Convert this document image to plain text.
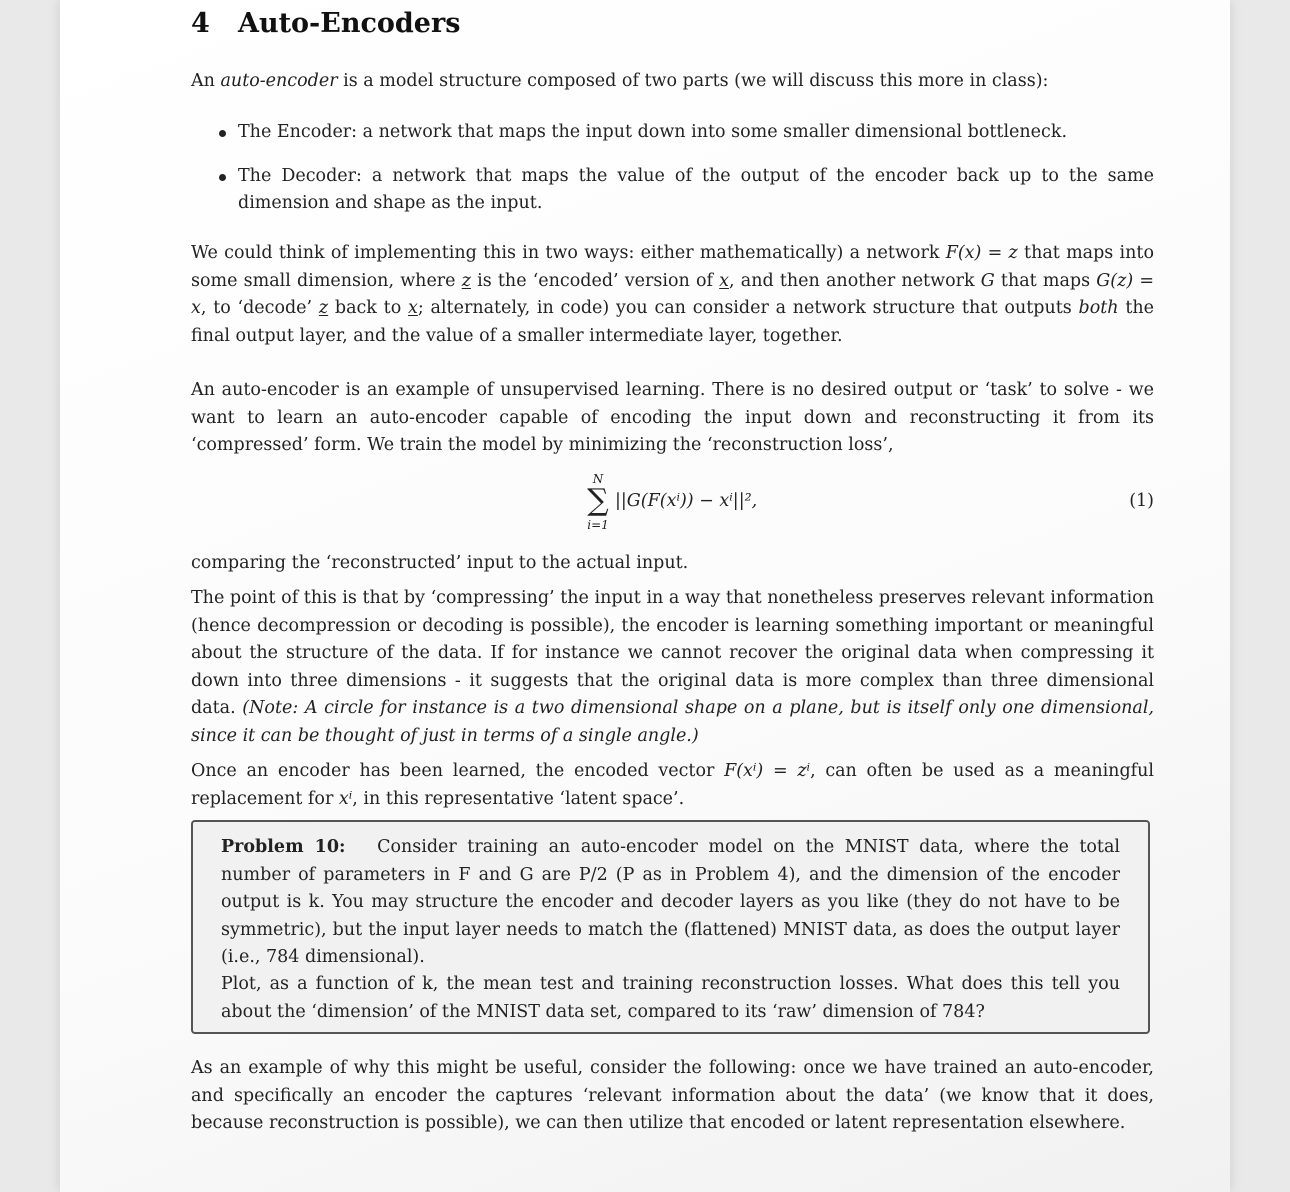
4 Auto-Encoders

An auto-encoder is a model structure composed of two parts (we will discuss this more in class):

The Encoder: a network that maps the input down into some smaller dimensional bottleneck.
The Decoder: a network that maps the value of the output of the encoder back up to the same dimension and shape as the input.

We could think of implementing this in two ways: either mathematically) a network F(x) = z that maps into some small dimension, where z is the ‘encoded’ version of x, and then another network G that maps G(z) = x, to ‘decode’ z back to x; alternately, in code) you can consider a network structure that outputs both the final output layer, and the value of a smaller intermediate layer, together.

An auto-encoder is an example of unsupervised learning. There is no desired output or ‘task’ to solve - we want to learn an auto-encoder capable of encoding the input down and reconstructing it from its ‘compressed’ form. We train the model by minimizing the ‘reconstruction loss’,

N
∑
i=1
||G(F(xⁱ)) − xⁱ||²,	(1)

comparing the ‘reconstructed’ input to the actual input.

The point of this is that by ‘compressing’ the input in a way that nonetheless preserves relevant information (hence decompression or decoding is possible), the encoder is learning something important or meaningful about the structure of the data. If for instance we cannot recover the original data when compressing it down into three dimensions - it suggests that the original data is more complex than three dimensional data. (Note: A circle for instance is a two dimensional shape on a plane, but is itself only one dimensional, since it can be thought of just in terms of a single angle.)

Once an encoder has been learned, the encoded vector F(xⁱ) = zⁱ, can often be used as a meaningful replacement for xⁱ, in this representative ‘latent space’.

Problem 10: Consider training an auto-encoder model on the MNIST data, where the total number of parameters in F and G are P/2 (P as in Problem 4), and the dimension of the encoder output is k. You may structure the encoder and decoder layers as you like (they do not have to be symmetric), but the input layer needs to match the (flattened) MNIST data, as does the output layer (i.e., 784 dimensional).

Plot, as a function of k, the mean test and training reconstruction losses. What does this tell you about the ‘dimension’ of the MNIST data set, compared to its ‘raw’ dimension of 784?

As an example of why this might be useful, consider the following: once we have trained an auto-encoder, and specifically an encoder the captures ‘relevant information about the data’ (we know that it does, because reconstruction is possible), we can then utilize that encoded or latent representation elsewhere.
